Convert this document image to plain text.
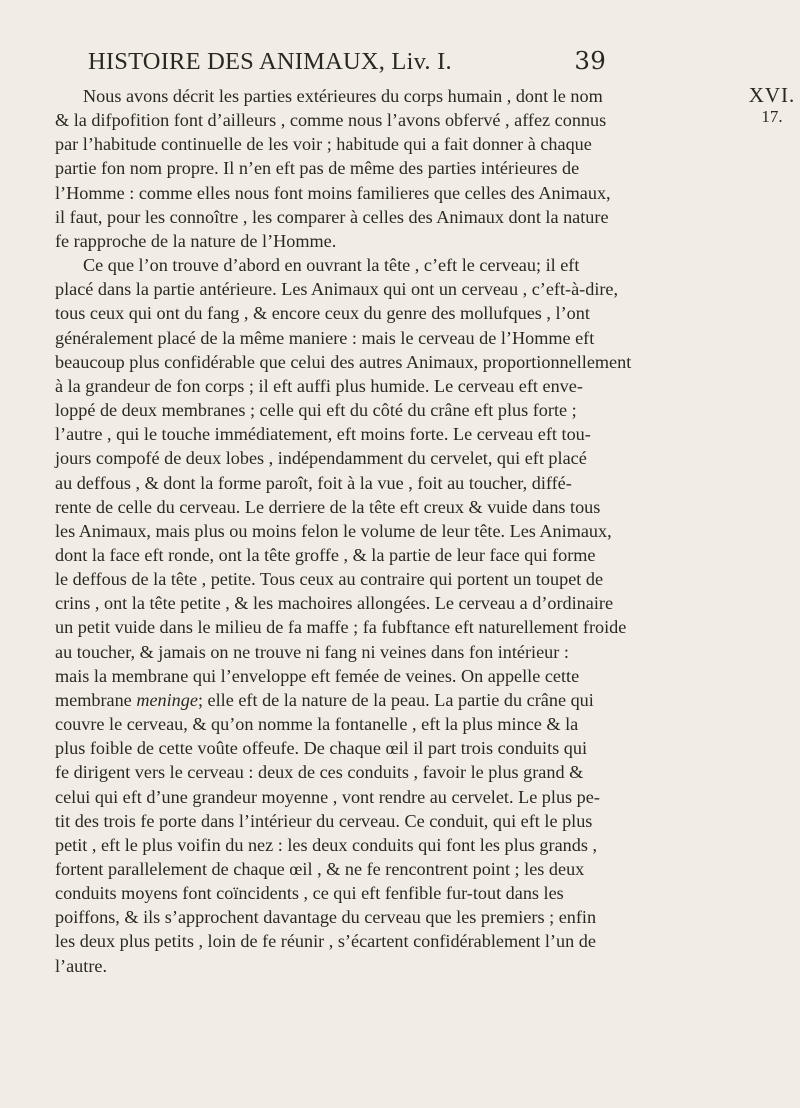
HISTOIRE DES ANIMAUX, Liv. I.	39
XVI.
17.

Nous avons décrit les parties extérieures du corps humain , dont le nom
& la difpofition font d’ailleurs , comme nous l’avons obfervé , affez connus
par l’habitude continuelle de les voir ; habitude qui a fait donner à chaque
partie fon nom propre. Il n’en eft pas de même des parties intérieures de
l’Homme : comme elles nous font moins familieres que celles des Animaux,
il faut, pour les connoître , les comparer à celles des Animaux dont la nature
fe rapproche de la nature de l’Homme.

Ce que l’on trouve d’abord en ouvrant la tête , c’eft le cerveau; il eft
placé dans la partie antérieure. Les Animaux qui ont un cerveau , c’eft-à-dire,
tous ceux qui ont du fang , & encore ceux du genre des mollufques , l’ont
généralement placé de la même maniere : mais le cerveau de l’Homme eft
beaucoup plus confidérable que celui des autres Animaux, proportionnellement
à la grandeur de fon corps ; il eft auffi plus humide. Le cerveau eft enve-
loppé de deux membranes ; celle qui eft du côté du crâne eft plus forte ;
l’autre , qui le touche immédiatement, eft moins forte. Le cerveau eft tou-
jours compofé de deux lobes , indépendamment du cervelet, qui eft placé
au deffous , & dont la forme paroît, foit à la vue , foit au toucher, diffé-
rente de celle du cerveau. Le derriere de la tête eft creux & vuide dans tous
les Animaux, mais plus ou moins felon le volume de leur tête. Les Animaux,
dont la face eft ronde, ont la tête groffe , & la partie de leur face qui forme
le deffous de la tête , petite. Tous ceux au contraire qui portent un toupet de
crins , ont la tête petite , & les machoires allongées. Le cerveau a d’ordinaire
un petit vuide dans le milieu de fa maffe ; fa fubftance eft naturellement froide
au toucher, & jamais on ne trouve ni fang ni veines dans fon intérieur :
mais la membrane qui l’enveloppe eft femée de veines. On appelle cette
membrane meninge; elle eft de la nature de la peau. La partie du crâne qui
couvre le cerveau, & qu’on nomme la fontanelle , eft la plus mince & la
plus foible de cette voûte offeufe. De chaque œil il part trois conduits qui
fe dirigent vers le cerveau : deux de ces conduits , favoir le plus grand &
celui qui eft d’une grandeur moyenne , vont rendre au cervelet. Le plus pe-
tit des trois fe porte dans l’intérieur du cerveau. Ce conduit, qui eft le plus
petit , eft le plus voifin du nez : les deux conduits qui font les plus grands ,
fortent parallelement de chaque œil , & ne fe rencontrent point ; les deux
conduits moyens font coïncidents , ce qui eft fenfible fur-tout dans les
poiffons, & ils s’approchent davantage du cerveau que les premiers ; enfin
les deux plus petits , loin de fe réunir , s’écartent confidérablement l’un de
l’autre.
